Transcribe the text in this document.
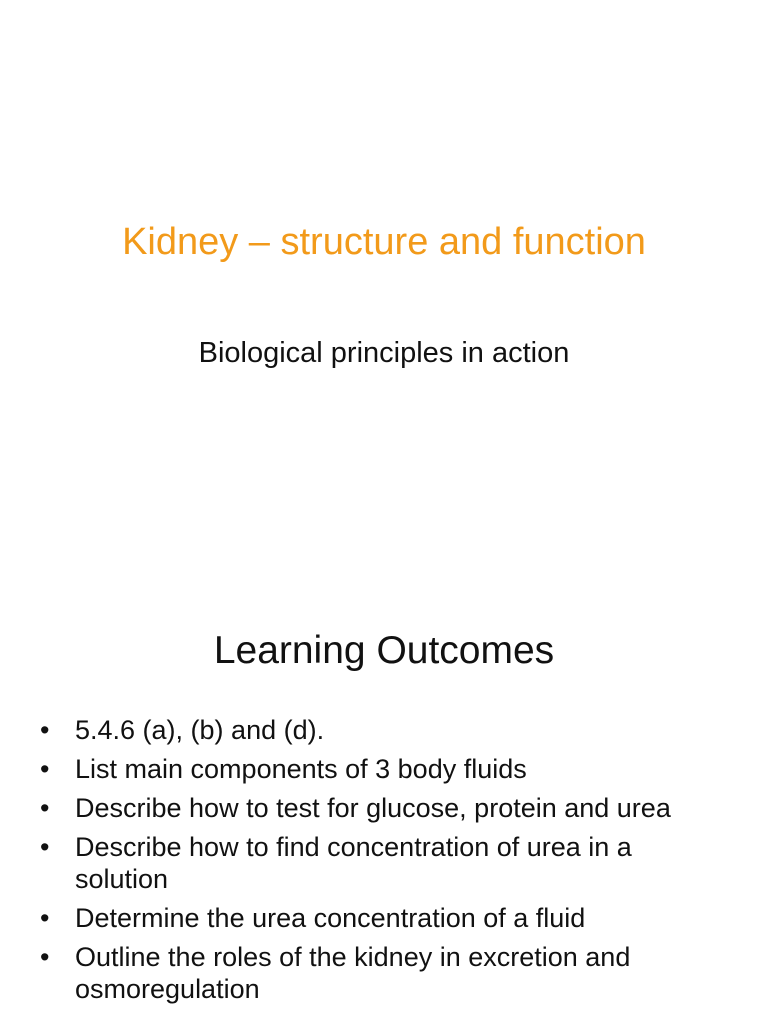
Kidney – structure and function
Biological principles in action
Learning Outcomes
• 5.4.6 (a), (b) and (d).
• List main components of 3 body fluids
• Describe how to test for glucose, protein and urea
• Describe how to find concentration of urea in a solution
• Determine the urea concentration of a fluid
• Outline the roles of the kidney in excretion and osmoregulation
